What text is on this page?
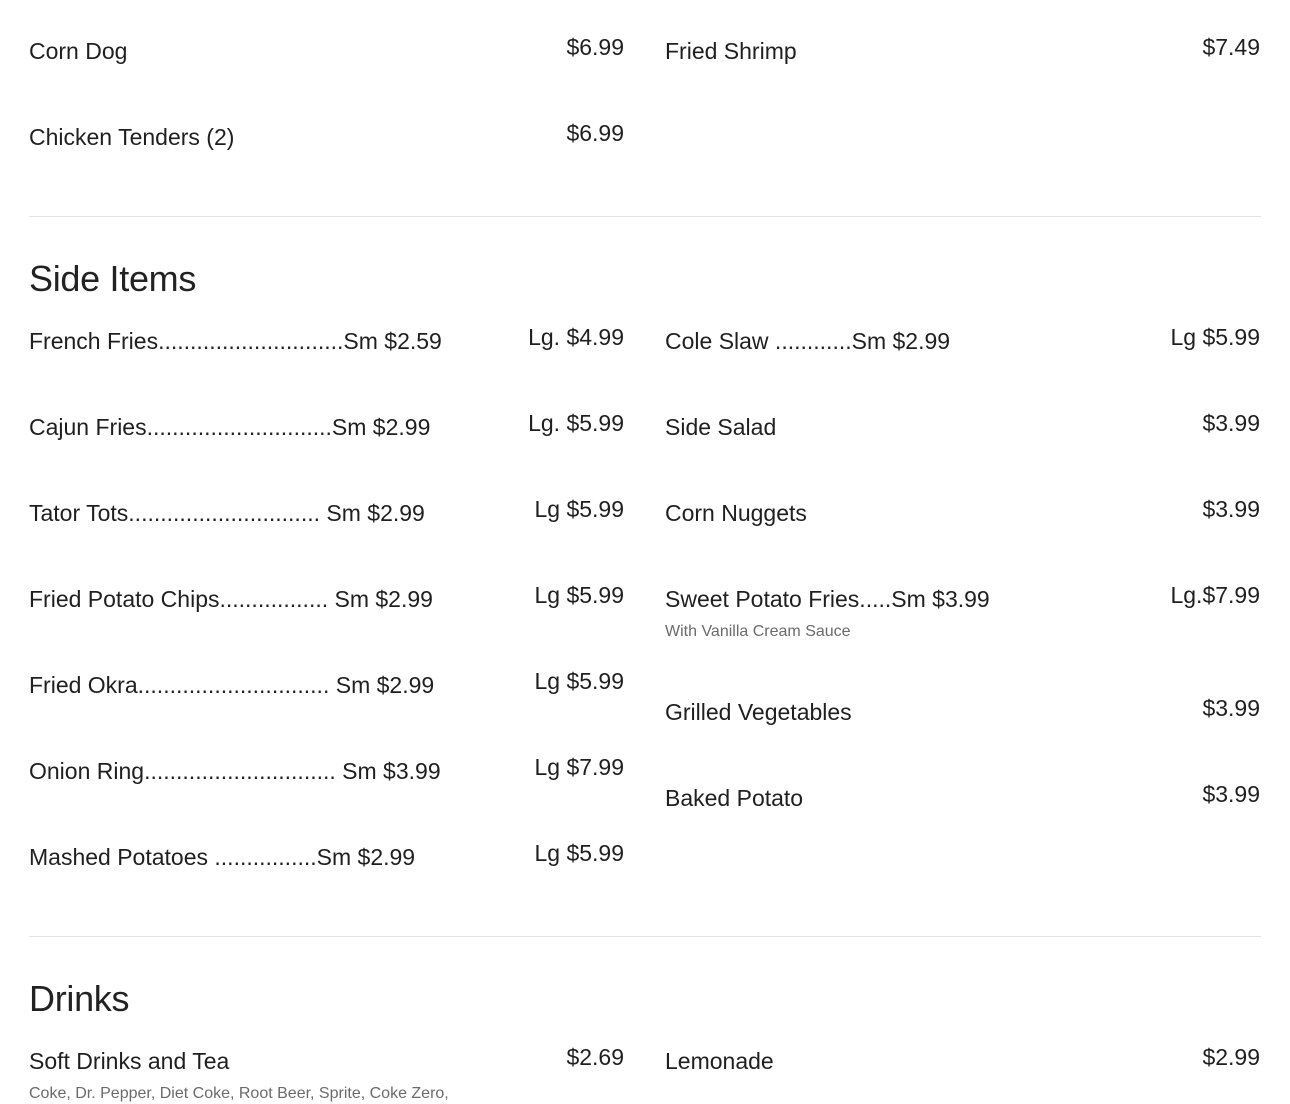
Corn Dog	$6.99
Chicken Tenders (2)	$6.99
Fried Shrimp	$7.49
Side Items
French Fries.............................Sm $2.59	Lg. $4.99
Cajun Fries.............................Sm $2.99	Lg. $5.99
Tator Tots.............................. Sm $2.99	Lg $5.99
Fried Potato Chips................. Sm $2.99	Lg $5.99
Fried Okra.............................. Sm $2.99	Lg $5.99
Onion Ring.............................. Sm $3.99	Lg $7.99
Mashed Potatoes ................Sm $2.99	Lg $5.99
Cole Slaw ............Sm $2.99	Lg $5.99
Side Salad	$3.99
Corn Nuggets	$3.99
Sweet Potato Fries.....Sm $3.99	Lg.$7.99
With Vanilla Cream Sauce
Grilled Vegetables	$3.99
Baked Potato	$3.99
Drinks
Soft Drinks and Tea	$2.69
Coke, Dr. Pepper, Diet Coke, Root Beer, Sprite, Coke Zero,
Lemonade	$2.99
